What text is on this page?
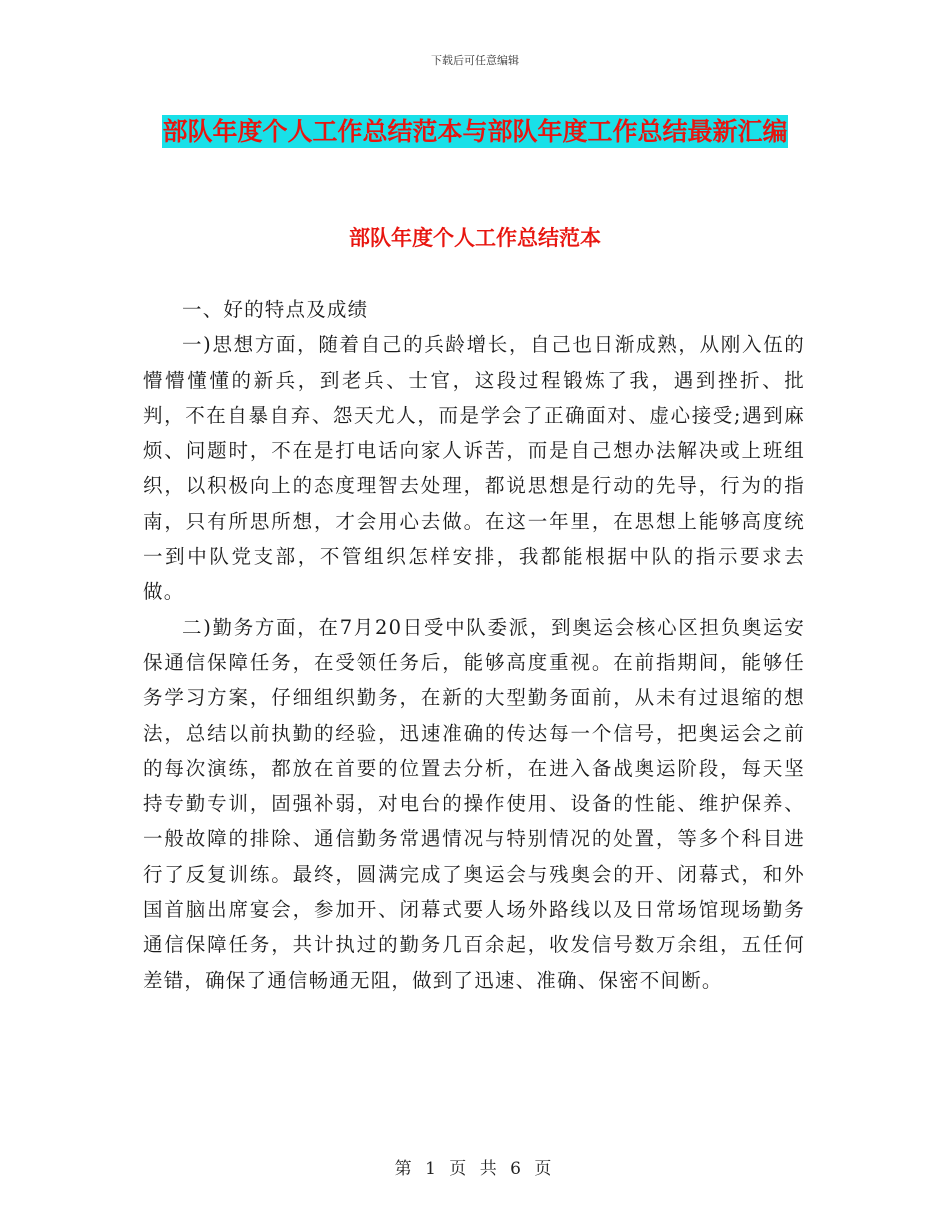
下载后可任意编辑
部队年度个人工作总结范本与部队年度工作总结最新汇编
部队年度个人工作总结范本

一、好的特点及成绩

一)思想方面，随着自己的兵龄增长，自己也日渐成熟，从刚入伍的懵懵懂懂的新兵，到老兵、士官，这段过程锻炼了我，遇到挫折、批判，不在自暴自弃、怨天尤人，而是学会了正确面对、虚心接受;遇到麻烦、问题时，不在是打电话向家人诉苦，而是自己想办法解决或上班组织，以积极向上的态度理智去处理，都说思想是行动的先导，行为的指南，只有所思所想，才会用心去做。在这一年里，在思想上能够高度统一到中队党支部，不管组织怎样安排，我都能根据中队的指示要求去做。

二)勤务方面，在7月20日受中队委派，到奥运会核心区担负奥运安保通信保障任务，在受领任务后，能够高度重视。在前指期间，能够任务学习方案，仔细组织勤务，在新的大型勤务面前，从未有过退缩的想法，总结以前执勤的经验，迅速准确的传达每一个信号，把奥运会之前的每次演练，都放在首要的位置去分析，在进入备战奥运阶段，每天坚持专勤专训，固强补弱，对电台的操作使用、设备的性能、维护保养、一般故障的排除、通信勤务常遇情况与特别情况的处置，等多个科目进行了反复训练。最终，圆满完成了奥运会与残奥会的开、闭幕式，和外国首脑出席宴会，参加开、闭幕式要人场外路线以及日常场馆现场勤务通信保障任务，共计执过的勤务几百余起，收发信号数万余组，五任何差错，确保了通信畅通无阻，做到了迅速、准确、保密不间断。

第 1 页 共 6 页
